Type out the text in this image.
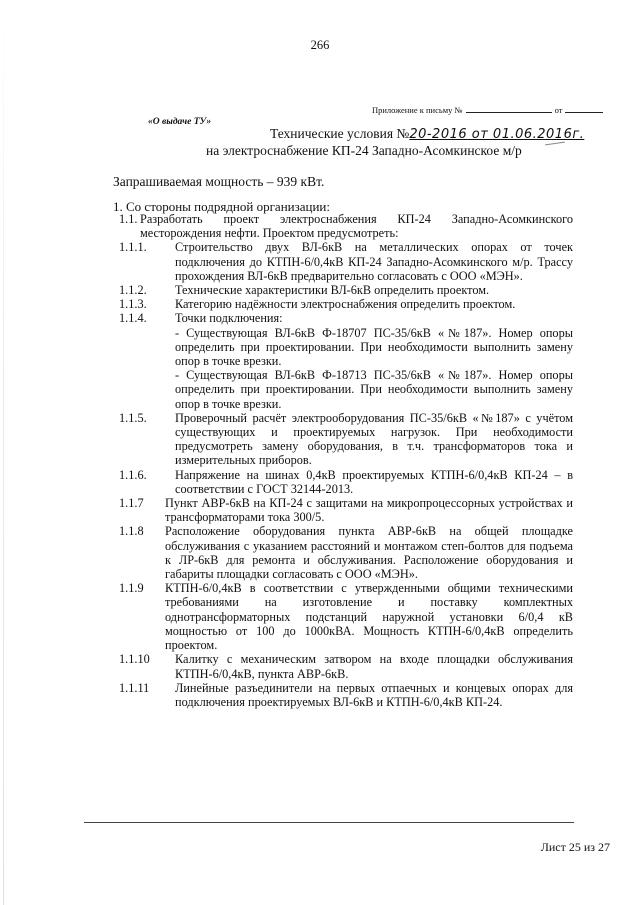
266
Приложение к письму №	от
«О выдаче ТУ»
Технические условия №20-2016 от 01.06.2016г.
на электроснабжение КП-24 Западно-Асомкинское м/р
Запрашиваемая мощность – 939 кВт.
1. Со стороны подрядной организации:
1.1. Разработать проект электроснабжения КП-24 Западно-Асомкинского месторождения нефти. Проектом предусмотреть:
1.1.1. Строительство двух ВЛ-6кВ на металлических опорах от точек подключения до КТПН-6/0,4кВ КП-24 Западно-Асомкинского м/р. Трассу прохождения ВЛ-6кВ предварительно согласовать с ООО «МЭН».
1.1.2. Технические характеристики ВЛ-6кВ определить проектом.
1.1.3. Категорию надёжности электроснабжения определить проектом.
1.1.4. Точки подключения:
- Существующая ВЛ-6кВ Ф-18707 ПС-35/6кВ «№187». Номер опоры определить при проектировании. При необходимости выполнить замену опор в точке врезки.
- Существующая ВЛ-6кВ Ф-18713 ПС-35/6кВ «№187». Номер опоры определить при проектировании. При необходимости выполнить замену опор в точке врезки.
1.1.5. Проверочный расчёт электрооборудования ПС-35/6кВ «№187» с учётом существующих и проектируемых нагрузок. При необходимости предусмотреть замену оборудования, в т.ч. трансформаторов тока и измерительных приборов.
1.1.6. Напряжение на шинах 0,4кВ проектируемых КТПН-6/0,4кВ КП-24 – в соответствии с ГОСТ 32144-2013.
1.1.7 Пункт АВР-6кВ на КП-24 с защитами на микропроцессорных устройствах и трансформаторами тока 300/5.
1.1.8 Расположение оборудования пункта АВР-6кВ на общей площадке обслуживания с указанием расстояний и монтажом степ-болтов для подъема к ЛР-6кВ для ремонта и обслуживания. Расположение оборудования и габариты площадки согласовать с ООО «МЭН».
1.1.9 КТПН-6/0,4кВ в соответствии с утвержденными общими техническими требованиями на изготовление и поставку комплектных однотрансформаторных подстанций наружной установки 6/0,4 кВ мощностью от 100 до 1000кВА. Мощность КТПН-6/0,4кВ определить проектом.
1.1.10 Калитку с механическим затвором на входе площадки обслуживания КТПН-6/0,4кВ, пункта АВР-6кВ.
1.1.11 Линейные разъединители на первых отпаечных и концевых опорах для подключения проектируемых ВЛ-6кВ и КТПН-6/0,4кВ КП-24.
Лист 25 из 27
